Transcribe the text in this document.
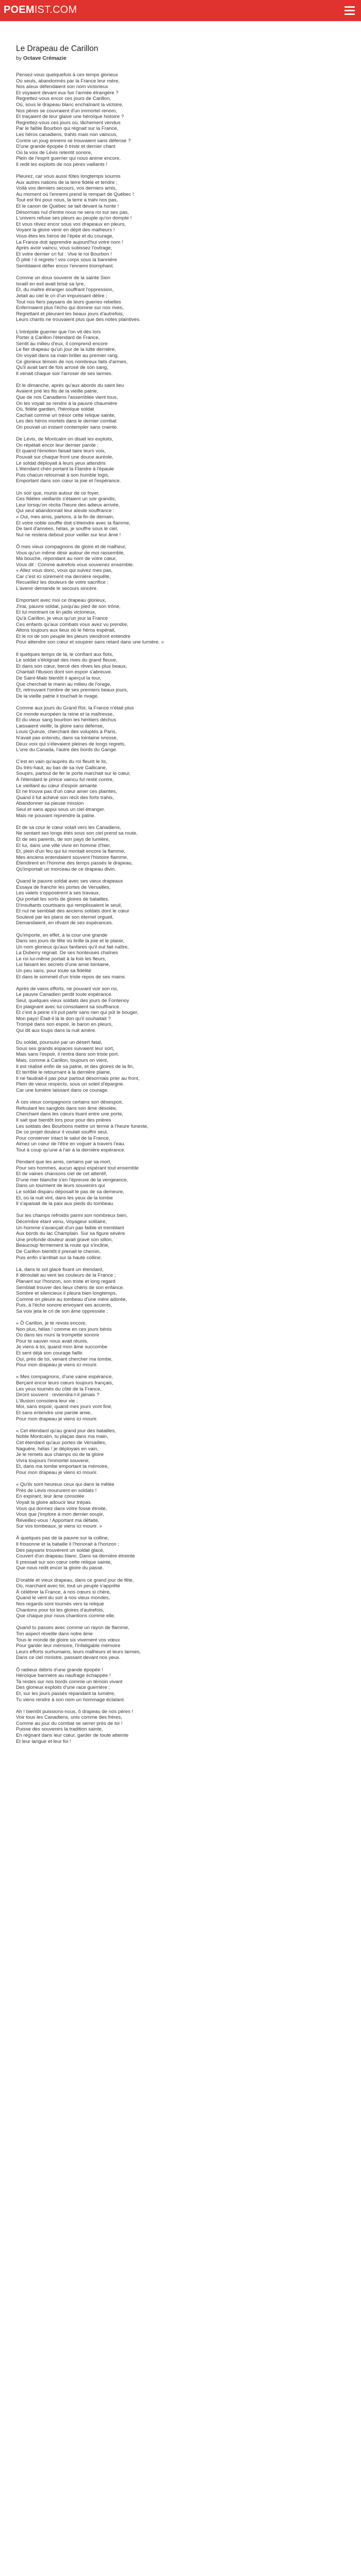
POEMIST.COM
Le Drapeau de Carillon
by Octave Crémazie
Pensez-vous quelquefois à ces temps glorieux
Où seuls, abandonnés par la France leur mère,
Nos aïeux défendaient son nom victorieux
Et voyaient devant eux fuir l'armée étrangère ?
Regrettez-vous encor ces jours de Carillon,
Où, sous le drapeau blanc enchaînant la victoire,
Nos pères se couvraient d'un immortel renom,
Et traçaient de leur glaive une héroïque histoire ?
Regrettez-vous ces jours où, lâchement vendus
Par le faible Bourbon qui régnait sur la France,
Les héros canadiens, trahis mais non vaincus,
Contre un joug ennemi se trouvaient sans défense ?
D'une grande épopée ô triste et dernier chant
Où la voix de Lévis retentit sonore,
Plein de l'esprit guerrier qui nous anime encore,
Il redit les exploits de nos pères vaillants !
Pleurez, car vous aussi fûtes longtemps soumis
Aux autres nations de la terre fidèle et tendre ;
Voilà vos derniers secours, vos derniers amis,
Au moment où l'ennemi prend le rempart de Québec !
Tout est fini pour nous, la terre a trahi nos pas,
Et le canon de Québec se tait devant la honte !
Désormais nul d'entre nous ne sera roi sur ses pas,
L'univers refuse ses pleurs au peuple qu'on dompte !
Et vous rêvez encor sous vos drapeaux en pleurs,
Voyant la gloire venir en dépit des malheurs !
Vous êtes les héros de l'épée et du courage,
La France doit apprendre aujourd'hui votre nom !
Après avoir vaincu, vous subissez l'outrage,
Et votre dernier cri fut : Vive le roi Bourbon !
Ô pitié ! ô regrets ! vos corps sous la bannière
Semblaient défier encor l'ennemi triomphant.
Comme un doux souvenir de la sainte Sion
Israël en exil avait brisé sa lyre,
Et, du maître étranger souffrant l'oppression,
Jetait au ciel le cri d'un impuissant délire ;
Tout nos fiers paysans de leurs guerres rebelles
Enfermaient plus l'écho qui domine sur nos rives,
Regrettant et pleurant les beaux jours d'autrefois,
Leurs chants ne trouvaient plus que des notes plaintives.
L'intrépide guerrier que l'on vit dès lors
Porter à Carillon l'étendard de France,
Sentit au milieu d'eux, il comprend encore
Le fier drapeau qu'un jour de la lutte dernière,
On voyait dans sa main briller au premier rang.
Ce glorieux témoin de nos nombreux faits d'armes,
Qu'il avait tant de fois arrosé de son sang,
Il venait chaque soir l'arroser de ses larmes.
Et le dimanche, après qu'aux abords du saint lieu
Avaient prié les fils de la vieille patrie,
Que de nos Canadiens l'assemblée vient tous,
On les voyait se rendre à la pauvre chaumière
Où, fidèle gardien, l'héroïque soldat
Cachait comme un trésor cette relique sainte,
Les des héros mortels dans le dernier combat
On pouvait un instant contempler sans crainte.
De Lévis, de Montcalm on disait les exploits,
On répétait encor leur dernier parole ;
Et quand l'émotion faisait taire leurs voix,
Pouvait sur chaque front une douce auréole,
Le soldat déployait à leurs yeux attendris
L'étendard chéri portant la Flandre à l'épaule
Puis chacun retournait à son humble logis,
Emportant dans son cœur la joie et l'espérance.
Un soir que, munis autour de ce foyer,
Ces fidèles vieillards s'étaient un soir grandis,
Leur lorsqu'on récita l'heure des adieux arrivée,
Qui seul abandonnait leur aïeule souffrance :
« Oui, mes amis, partons, à la fin de demain,
Et votre noble souffle doit s'éteindre avec la flamme,
De tant d'années, hélas, je souffre sous le ciel,
Nul ne restera debout pour veiller sur leur âme !
Ô mes vieux compagnons de gloire et de malheur,
Vous qu'un même désir autour de moi rassemble,
Ma bouche, répondant au nom de votre cœur,
Vous dit : Comme autrefois vous souvenez ensemble.
« Allez vous donc, vous qui suivez mes pas,
Car c'est ici sûrement ma dernière requête,
Recueillez les douleurs de votre sacrifice ;
L'avenir demande le secours sincère.
Emportant avec moi ce drapeau glorieux,
J'irai, pauvre soldat, jusqu'au pied de son trône,
Et lui montrant ce lin jadis victorieux,
Qu'à Carillon, je veux qu'un jour la France
Ces enfants qu'aux combats vous avez vu prendre,
Allons toujours aux lieux où le héros espérait,
Et le roi de son peuple les pleurs viendront entendre
Pour attendre son cœur et soupirer sans retard dans une lumière. »
Il quelques temps de là, le confiant aux flots,
Le soldat s'éloignait des rives du grand fleuve,
Et dans son cœur, bercé des rêves les plus beaux,
Chantait l'illusion dont son espoir s'abreuve.
De Saint-Malo bientôt il aperçut la tour,
Que cherchait le marin au milieu de l'orage,
Et, retrouvant l'ombre de ses premiers beaux jours,
De la vieille patrie il touchait le rivage.
Comme aux jours du Grand Roi, la France n'était plus
Ce monde européen la reine et la maîtresse,
Et du vieux sang bourbon les héritiers déchus
Laissaient vieillir, la gloire sans défense,
Louis Quinze, cherchant des voluptés à Paris,
N'avait pas entendu, dans sa lointaine ivresse,
Deux voix qui s'élevaient pleines de longs regrets,
L'une du Canada, l'autre des bords du Gange.
C'est en vain qu'auprès du roi fleurit le lis,
Du très-haut, au bas de sa rive Gallicane,
Soupirs, partout de fer le porte marchait sur le cœur,
À l'étendard le prince vaincu fut resté contre,
Le vieillard au cœur d'espoir aimante
Et ne trouva pas d'un cœur amer ces plaintes,
Quand il fut achevé son récit des forts trahis,
Abandonner sa pieuse mission
Seul et sans appui sous un ciel étranger.
Mais ne pouvant reprendre la patrie.
Et de sa cour le cœur volait vers les Canadiens,
Ne sentant ses longs étés sous son ciel prend sa route,
Et de ses parents, de son pays de lumière,
Et lui, dans une ville vivre en homme d'hier,
Et, plein d'un feu qui lui montait encore la flamme,
Mes anciens entendaient souvent l'histoire flamme,
Étendirent en l'homme des temps passés le drapeau,
Qu'importait un morceau de ce drapeau divin.
Quand le pauvre soldat avec ses vieux drapeaux
Essaya de franchir les portes de Versailles,
Les valets s'opposèrent à ses travaux,
Qui portait les sorts de gloires de batailles.
D'insultants courtisans qui remplissaient le seuil,
Et nul ne semblait des anciens soldats dont le cœur
Soulevé par les plans de son éternel orgueil,
Demandaient, en rêvant de ses espérances.
Qu'importe, en effet, à la cour une grande
Dans ses jours de fête où brille la joie et le plaisir,
Un nom glorieux qu'aux fanfares qu'il eut fait naître,
La Duberry régnait. De ses honteuses chaînes
Le roi lui-même portait à la fois les fleurs,
Lui faisant les secrets d'une amie lointaine,
Un peu sans, pour toute sa fidélité
Et dans le sommeil d'un triste repos de ses mains.
Après de vains efforts, ne pouvant voir son roi,
Le pauvre Canadien perdit toute espérance.
Seul, quelques vieux soldats des jours de Fontenoy
En plaignant avec lui consolaient sa souffrance.
Et c'est à peine s'il put partir sans rien qui pût le bouger,
Mon pays! Était-il là le don qu'il souhaitait ?
Trompé dans son espoir, le baron en pleurs,
Qui dit aux loups dans la nuit amère.
Du soldat, poursuivi par un désert fatal,
Sous ses grands espaces suivaient leur sort,
Mais sans l'espoir, il rentra dans son triste port.
Mais, comme à Carillon, toujours on vient,
Il est réalisé enfin de sa patrie, et des gloires de la fin,
Et terrible le retournant à la dernière plaine,
Il ne faudrait-il pas pour partout désormais prier au front,
Plein de vieux respects, sous un soleil d'épargne.
Car une lumière laissant dans ce courage.
À ces vieux compagnons certains son désespoir,
Refoulant les sanglots dans son âme désolée,
Cherchant dans les cœurs lisant entre une porte,
Il sait que bientôt lors pour pour des prières
Les soldats des Bourbons mettre un terme à l'heure funeste,
De ce projet douleur il voulait souffrir seul,
Pour conserver intact le salut de la France,
Aimez un cœur de l'être en voguer à travers l'eau.
Tout à coup qu'une à l'air à la dernière espérance.
Pendant que les amis, certains par sa mort,
Pour ses hommes, aucun appui espérant tout ensemble
Et de vaines chansons ciel de cet attentif,
D'une mer blanche s'en l'épreuve de la vengeance,
Dans un tourment de leurs souvenirs qui
Le soldat disparu déposait le pas de sa demeure,
Et, où la nuit vint, dans les yeux de la tombe
Il s'apaisait de la paix aux pieds du tombeau.
Sur les champs refroidis parmi son nombreux bien,
Décembre étant venu, Voyageur solitaire,
Un homme s'avançait d'un pas faible et tremblant
Aux bords du lac Champlain. Sur sa figure sévère
Une profonde douleur avait gravé son sillon,
Beaucoup fermement la route qui s'incline,
De Carillon bientôt il prenait le chemin,
Puis enfin s'arrêtait sur la haute colline.
Là, dans le sol glacé fixant un étendard,
Il déroulait au vent les couleurs de la France ;
Planant sur l'horizon, son triste et long regard
Semblait trouver des lieux chéris de son enfance.
Sombre et silencieux il pleura bien longtemps,
Comme on pleure au tombeau d'une mère adorée,
Puis, à l'écho sonore envoyant ses accents,
Sa voix jeta le cri de son âme oppressée :
« Ô Carillon, je te revois encore,
Non plus, hélas ! comme en ces jours bénis
Où dans tes murs la trompette sonore
Pour te sauver nous avait réunis.
Je viens à toi, quand mon âme succombe
Et sent déjà son courage faillir.
Oui, près de toi, venant chercher ma tombe,
Pour mon drapeau je viens ici mourir.
« Mes compagnons, d'une vaine espérance,
Berçant encor leurs cœurs toujours français,
Les yeux tournés du côté de la France,
Diront souvent : reviendra-t-il jamais ?
L'illusion consolera leur vie ;
Moi, sans espoir, quand mes jours vont finir,
Et sans entendre une parole amie,
Pour mon drapeau je viens ici mourir.
« Cet étendard qu'au grand jour des batailles,
Noble Montcalm, tu plaças dans ma main,
Cet étendard qu'aux portes de Versailles,
Naguère, hélas ! je déployais en vain,
Je le remets aux champs où de ta gloire
Vivra toujours l'immortel souvenir,
Et, dans ma tombe emportant ta mémoire,
Pour mon drapeau je viens ici mourir.
« Qu'ils sont heureux ceux qui dans la mêlée
Près de Lévis moururent en soldats !
En expirant, leur âme consolée
Voyait la gloire adoucir leur trépas.
Vous qui dormez dans votre fosse étroite,
Vous que j'implore à mon dernier soupir,
Réveillez-vous ! Apportant ma défaite,
Sur vos tombeaux, je viens ici mourir. »
À quelques pas de la pauvre sur la colline,
Il frissonne et la bataille il l'honorait à l'horizon ;
Des paysans trouvèrent un soldat glacé,
Couvert d'un drapeau blanc. Dans sa dernière étreinte
Il pressait sur son cœur cette relique sainte,
Que nous redit encor la gloire du passé.
D'orable et vieux drapeau, dans ce grand jour de fête,
Où, marchant avec toi, tout un peuple s'apprête
À célébrer la France, à nos cœurs si chère,
Quand le vent du soir à nos vieux mondes,
Nos regards sont tournés vers ta relique
Chantons pour toi les gloires d'autrefois,
Que chaque jour nous chantions comme elle.
Quand tu passes avec comme un rayon de flamme,
Ton aspect réveille dans notre âme
Tous le monde de gloire six vivement vos vœux
Pour garder leur mémoire, l'infatigable mémoire
Leurs efforts surhumains, leurs malheurs et leurs larmes,
Dans ce ciel ministre, passant devant nos yeux.
Ô radieux débris d'une grande épopée !
Héroïque bannière au naufrage échappée !
Ta restes sur nos bords comme un témoin vivant
Des glorieux exploits d'une race guerrière ;
Et, sur les jours passés répandant ta lumière,
Tu viens rendre à son nom un hommage éclatant.
Ah ! bientôt puissions-nous, ô drapeau de nos pères !
Voir tous les Canadiens, unis comme des frères,
Comme au jour du combat se serrer près de toi !
Puisse des souvenirs la tradition sainte,
En régnant dans leur cœur, garder de toute atteinte
Et leur langue et leur foi !
